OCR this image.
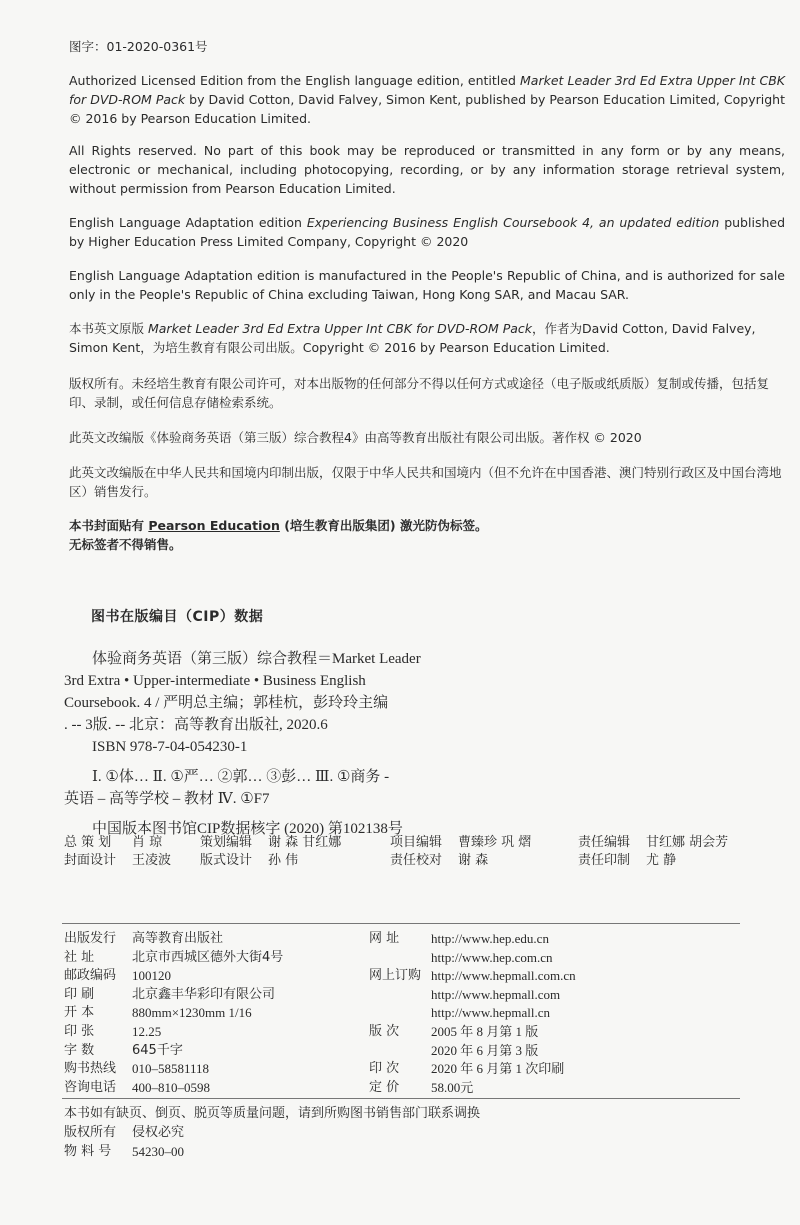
图字：01-2020-0361号
Authorized Licensed Edition from the English language edition, entitled Market Leader 3rd Ed Extra Upper Int CBK for DVD-ROM Pack by David Cotton, David Falvey, Simon Kent, published by Pearson Education Limited, Copyright © 2016 by Pearson Education Limited.
All Rights reserved. No part of this book may be reproduced or transmitted in any form or by any means, electronic or mechanical, including photocopying, recording, or by any information storage retrieval system, without permission from Pearson Education Limited.
English Language Adaptation edition Experiencing Business English Coursebook 4, an updated edition published by Higher Education Press Limited Company, Copyright © 2020
English Language Adaptation edition is manufactured in the People's Republic of China, and is authorized for sale only in the People's Republic of China excluding Taiwan, Hong Kong SAR, and Macau SAR.
本书英文原版 Market Leader 3rd Ed Extra Upper Int CBK for DVD-ROM Pack，作者为David Cotton, David Falvey, Simon Kent，为培生教育有限公司出版。Copyright © 2016 by Pearson Education Limited.
版权所有。未经培生教育有限公司许可，对本出版物的任何部分不得以任何方式或途径（电子版或纸质版）复制或传播，包括复印、录制，或任何信息存储检索系统。
此英文改编版《体验商务英语（第三版）综合教程4》由高等教育出版社有限公司出版。著作权 © 2020
此英文改编版在中华人民共和国境内印制出版，仅限于中华人民共和国境内（但不允许在中国香港、澳门特别行政区及中国台湾地区）销售发行。
本书封面贴有 Pearson Education (培生教育出版集团) 激光防伪标签。
无标签者不得销售。
图书在版编目（CIP）数据
体验商务英语（第三版）综合教程＝Market Leader
3rd Extra • Upper-intermediate • Business English
Coursebook. 4 / 严明总主编；郭桂杭，彭玲玲主编
. -- 3版. -- 北京：高等教育出版社, 2020.6
ISBN 978-7-04-054230-1
Ⅰ. ①体… Ⅱ. ①严… ②郭… ③彭… Ⅲ. ①商务 -
英语 – 高等学校 – 教材 Ⅳ. ①F7

中国版本图书馆CIP数据核字 (2020) 第102138号
总 策 划 肖 琼	策划编辑 谢 森 甘红娜	项目编辑 曹臻珍 巩 熠	责任编辑 甘红娜 胡会芳
封面设计 王凌波 版式设计 孙 伟	责任校对 谢 森	责任印制 尤 静
出版发行 高等教育出版社	网 址 http://www.hep.edu.cn
社 址	北京市西城区德外大街4号	http://www.hep.com.cn
邮政编码 100120	网上订购 http://www.hepmall.com.cn
印 刷	北京鑫丰华彩印有限公司	http://www.hepmall.com
开 本	880mm×1230mm 1/16	http://www.hepmall.cn
印 张	12.25	版 次 2005 年 8 月第 1 版
字 数	645千字	2020 年 6 月第 3 版
购书热线 010–58581118	印 次 2020 年 6 月第 1 次印刷
咨询电话 400–810–0598	定 价 58.00元
本书如有缺页、倒页、脱页等质量问题，请到所购图书销售部门联系调换
版权所有 侵权必究
物 料 号 54230–00
